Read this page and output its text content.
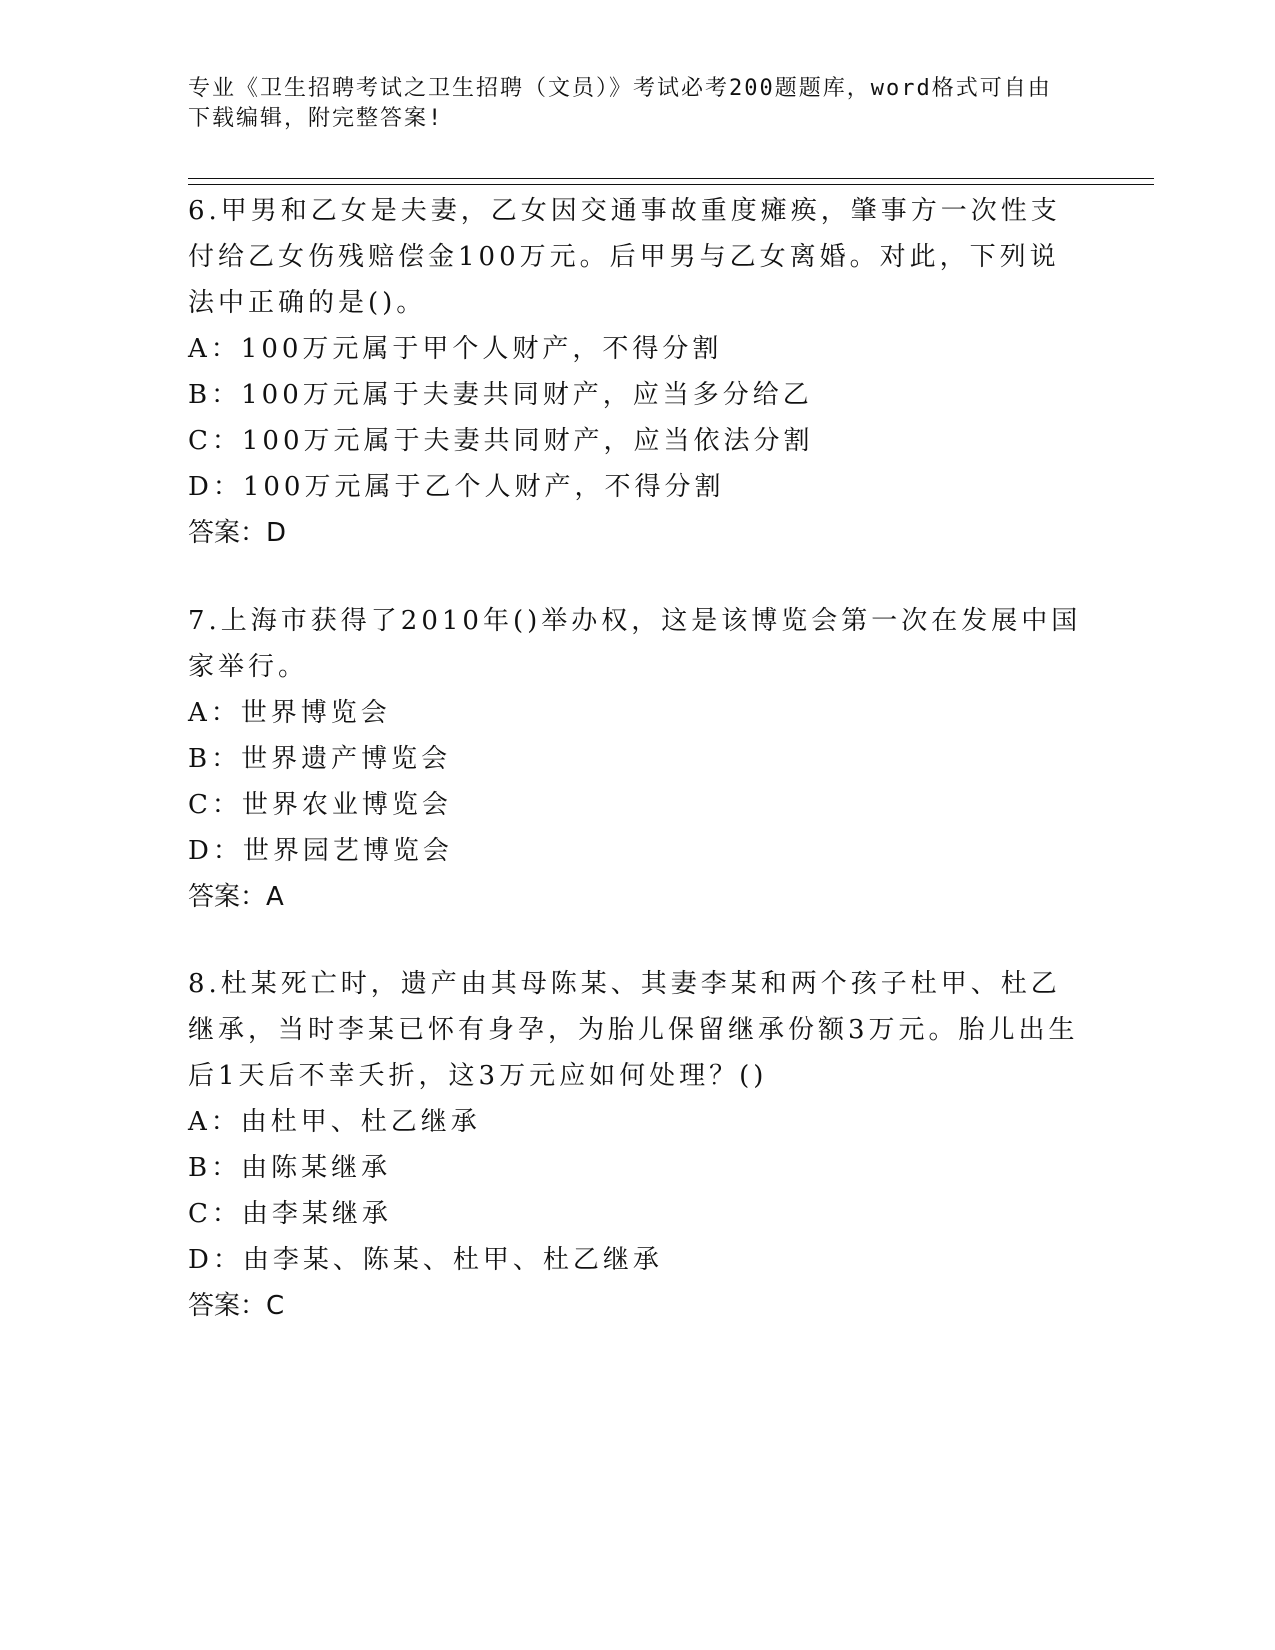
专业《卫生招聘考试之卫生招聘（文员）》考试必考200题题库，word格式可自由下载编辑，附完整答案!

6.甲男和乙女是夫妻，乙女因交通事故重度瘫痪，肇事方一次性支付给乙女伤残赔偿金100万元。后甲男与乙女离婚。对此，下列说法中正确的是()。

A：100万元属于甲个人财产，不得分割

B：100万元属于夫妻共同财产，应当多分给乙

C：100万元属于夫妻共同财产，应当依法分割

D：100万元属于乙个人财产，不得分割

答案：D

7.上海市获得了2010年()举办权，这是该博览会第一次在发展中国家举行。

A：世界博览会

B：世界遗产博览会

C：世界农业博览会

D：世界园艺博览会

答案：A

8.杜某死亡时，遗产由其母陈某、其妻李某和两个孩子杜甲、杜乙继承，当时李某已怀有身孕，为胎儿保留继承份额3万元。胎儿出生后1天后不幸夭折，这3万元应如何处理？()

A：由杜甲、杜乙继承

B：由陈某继承

C：由李某继承

D：由李某、陈某、杜甲、杜乙继承

答案：C
